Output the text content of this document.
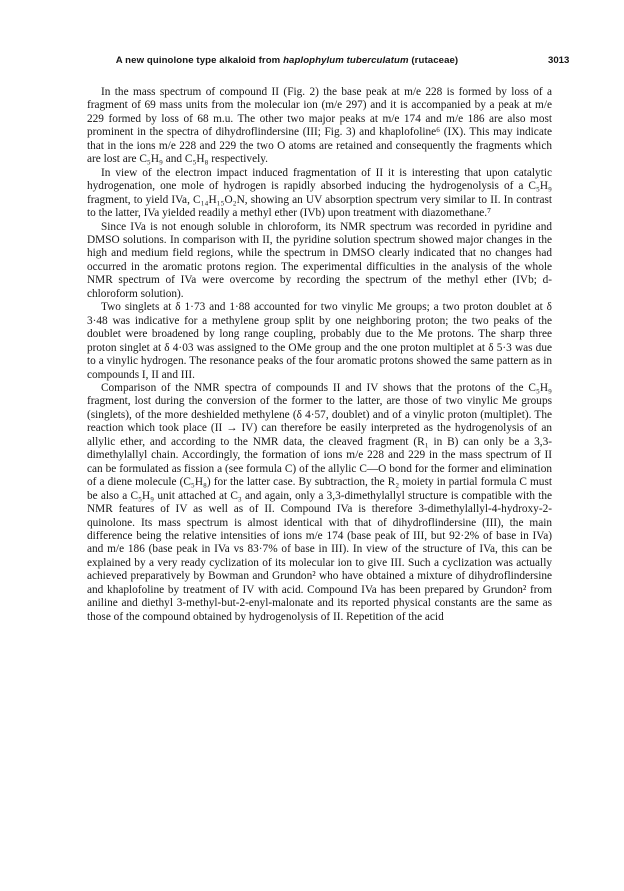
A new quinolone type alkaloid from haplophylum tuberculatum (rutaceae)	3013

In the mass spectrum of compound II (Fig. 2) the base peak at m/e 228 is formed by loss of a fragment of 69 mass units from the molecular ion (m/e 297) and it is accompanied by a peak at m/e 229 formed by loss of 68 m.u. The other two major peaks at m/e 174 and m/e 186 are also most prominent in the spectra of dihydroflindersine (III; Fig. 3) and khaplofoline⁶ (IX). This may indicate that in the ions m/e 228 and 229 the two O atoms are retained and consequently the fragments which are lost are C₅H₉ and C₅H₈ respectively.

In view of the electron impact induced fragmentation of II it is interesting that upon catalytic hydrogenation, one mole of hydrogen is rapidly absorbed inducing the hydrogenolysis of a C₅H₉ fragment, to yield IVa, C₁₄H₁₅O₂N, showing an UV absorption spectrum very similar to II. In contrast to the latter, IVa yielded readily a methyl ether (IVb) upon treatment with diazomethane.⁷

Since IVa is not enough soluble in chloroform, its NMR spectrum was recorded in pyridine and DMSO solutions. In comparison with II, the pyridine solution spectrum showed major changes in the high and medium field regions, while the spectrum in DMSO clearly indicated that no changes had occurred in the aromatic protons region. The experimental difficulties in the analysis of the whole NMR spectrum of IVa were overcome by recording the spectrum of the methyl ether (IVb; d-chloroform solution).

Two singlets at δ 1·73 and 1·88 accounted for two vinylic Me groups; a two proton doublet at δ 3·48 was indicative for a methylene group split by one neighboring proton; the two peaks of the doublet were broadened by long range coupling, probably due to the Me protons. The sharp three proton singlet at δ 4·03 was assigned to the OMe group and the one proton multiplet at δ 5·3 was due to a vinylic hydrogen. The resonance peaks of the four aromatic protons showed the same pattern as in compounds I, II and III.

Comparison of the NMR spectra of compounds II and IV shows that the protons of the C₅H₉ fragment, lost during the conversion of the former to the latter, are those of two vinylic Me groups (singlets), of the more deshielded methylene (δ 4·57, doublet) and of a vinylic proton (multiplet). The reaction which took place (II → IV) can therefore be easily interpreted as the hydrogenolysis of an allylic ether, and according to the NMR data, the cleaved fragment (R₁ in B) can only be a 3,3-dimethylallyl chain. Accordingly, the formation of ions m/e 228 and 229 in the mass spectrum of II can be formulated as fission a (see formula C) of the allylic C—O bond for the former and elimination of a diene molecule (C₅H₈) for the latter case. By subtraction, the R₂ moiety in partial formula C must be also a C₅H₉ unit attached at C₃ and again, only a 3,3-dimethylallyl structure is compatible with the NMR features of IV as well as of II. Compound IVa is therefore 3-dimethylallyl-4-hydroxy-2-quinolone. Its mass spectrum is almost identical with that of dihydroflindersine (III), the main difference being the relative intensities of ions m/e 174 (base peak of III, but 92·2% of base in IVa) and m/e 186 (base peak in IVa vs 83·7% of base in III). In view of the structure of IVa, this can be explained by a very ready cyclization of its molecular ion to give III. Such a cyclization was actually achieved preparatively by Bowman and Grundon² who have obtained a mixture of dihydroflindersine and khaplofoline by treatment of IV with acid. Compound IVa has been prepared by Grundon² from aniline and diethyl 3-methyl-but-2-enyl-malonate and its reported physical constants are the same as those of the compound obtained by hydrogenolysis of II. Repetition of the acid
